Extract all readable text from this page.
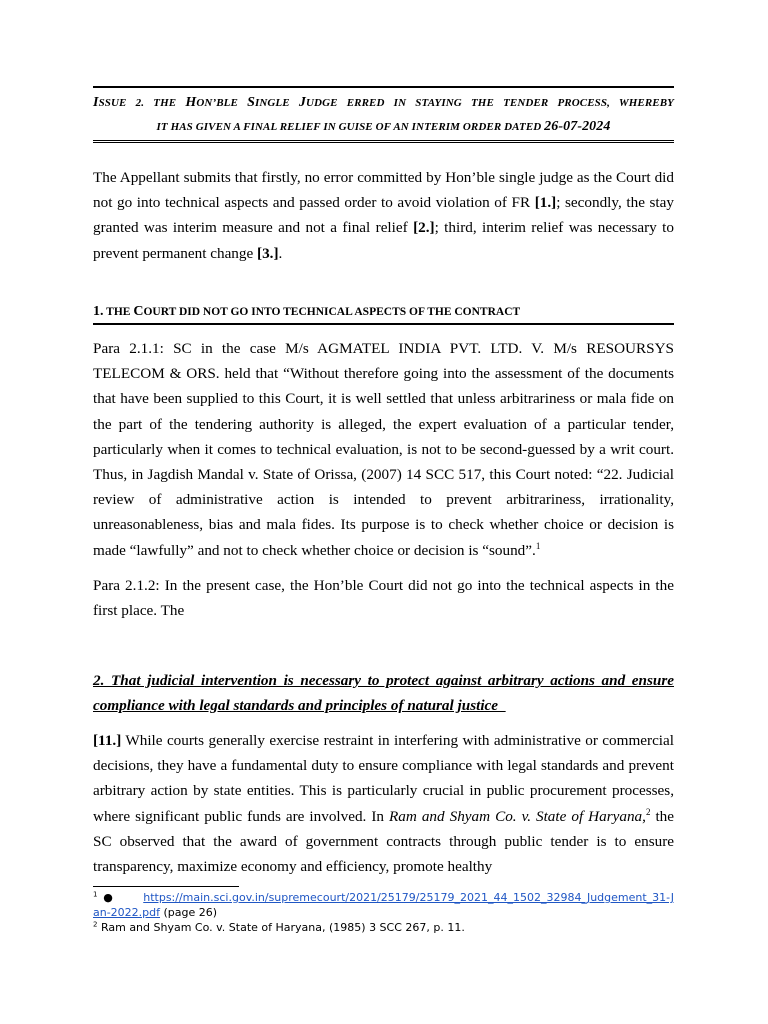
ISSUE 2. THE HON’BLE SINGLE JUDGE ERRED IN STAYING THE TENDER PROCESS, WHEREBY
IT HAS GIVEN A FINAL RELIEF IN GUISE OF AN INTERIM ORDER DATED 26-07-2024

The Appellant submits that firstly, no error committed by Hon’ble single judge as the Court did not go into technical aspects and passed order to avoid violation of FR [1.]; secondly, the stay granted was interim measure and not a final relief [2.]; third, interim relief was necessary to prevent permanent change [3.].

1. THE COURT DID NOT GO INTO TECHNICAL ASPECTS OF THE CONTRACT

Para 2.1.1: SC in the case M/s AGMATEL INDIA PVT. LTD. V. M/s RESOURSYS TELECOM & ORS. held that “Without therefore going into the assessment of the documents that have been supplied to this Court, it is well settled that unless arbitrariness or mala fide on the part of the tendering authority is alleged, the expert evaluation of a particular tender, particularly when it comes to technical evaluation, is not to be second-guessed by a writ court. Thus, in Jagdish Mandal v. State of Orissa, (2007) 14 SCC 517, this Court noted: “22. Judicial review of administrative action is intended to prevent arbitrariness, irrationality, unreasonableness, bias and mala fides. Its purpose is to check whether choice or decision is made “lawfully” and not to check whether choice or decision is “sound”.$^1$

Para 2.1.2: In the present case, the Hon’ble Court did not go into the technical aspects in the first place. The

2. That judicial intervention is necessary to protect against arbitrary actions and ensure compliance with legal standards and principles of natural justice

[11.] While courts generally exercise restraint in interfering with administrative or commercial decisions, they have a fundamental duty to ensure compliance with legal standards and prevent arbitrary action by state entities. This is particularly crucial in public procurement processes, where significant public funds are involved. In Ram and Shyam Co. v. State of Haryana,$^2$ the SC observed that the award of government contracts through public tender is to ensure transparency, maximize economy and efficiency, promote healthy

$^1$ ●	https://main.sci.gov.in/supremecourt/2021/25179/25179_2021_44_1502_32984_Judgement_31-Jan-2022.pdf (page 26)

$^2$ Ram and Shyam Co. v. State of Haryana, (1985) 3 SCC 267, p. 11.
